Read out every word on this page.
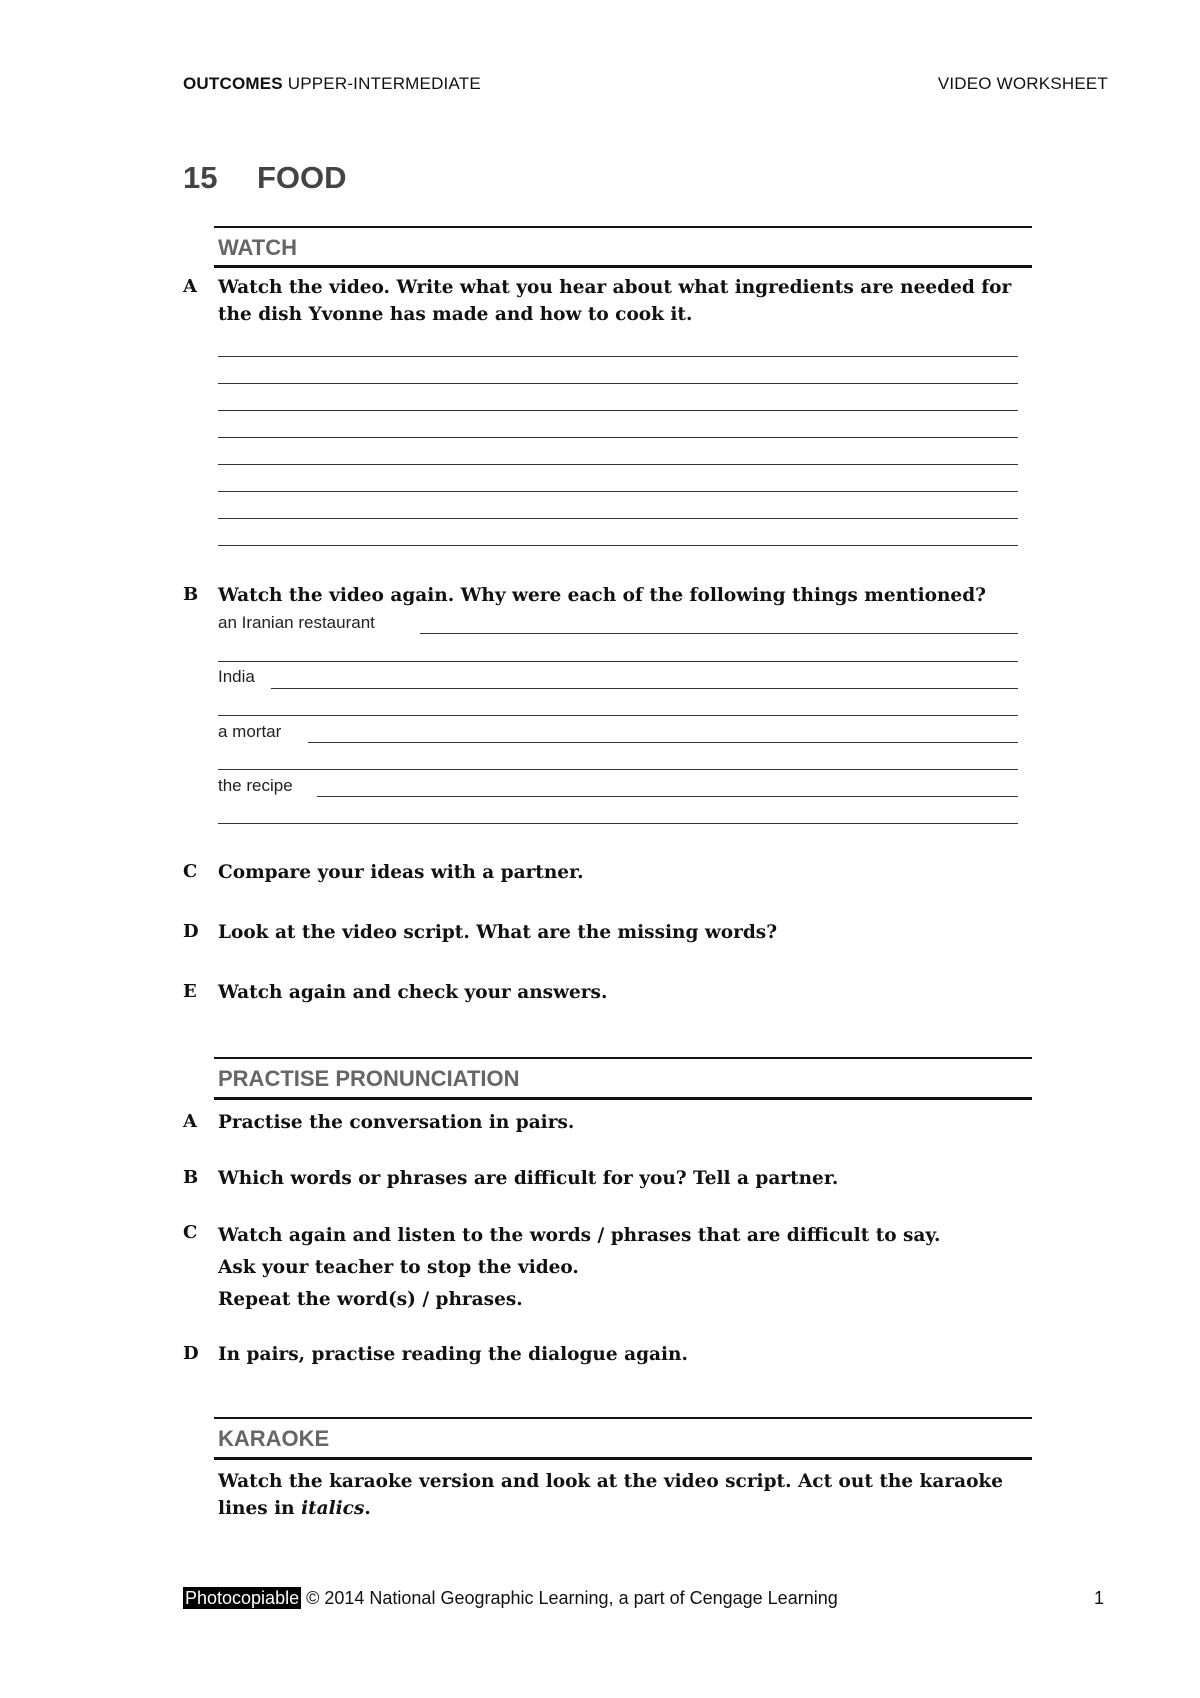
OUTCOMES UPPER-INTERMEDIATE	VIDEO WORKSHEET
15 FOOD
WATCH
A Watch the video. Write what you hear about what ingredients are needed for the dish Yvonne has made and how to cook it.
B Watch the video again. Why were each of the following things mentioned?
an Iranian restaurant
India
a mortar
the recipe
C Compare your ideas with a partner.
D Look at the video script. What are the missing words?
E Watch again and check your answers.
PRACTISE PRONUNCIATION
A Practise the conversation in pairs.
B Which words or phrases are difficult for you? Tell a partner.
C Watch again and listen to the words / phrases that are difficult to say.
Ask your teacher to stop the video.
Repeat the word(s) / phrases.
D In pairs, practise reading the dialogue again.
KARAOKE
Watch the karaoke version and look at the video script. Act out the karaoke lines in italics.
Photocopiable © 2014 National Geographic Learning, a part of Cengage Learning	1
